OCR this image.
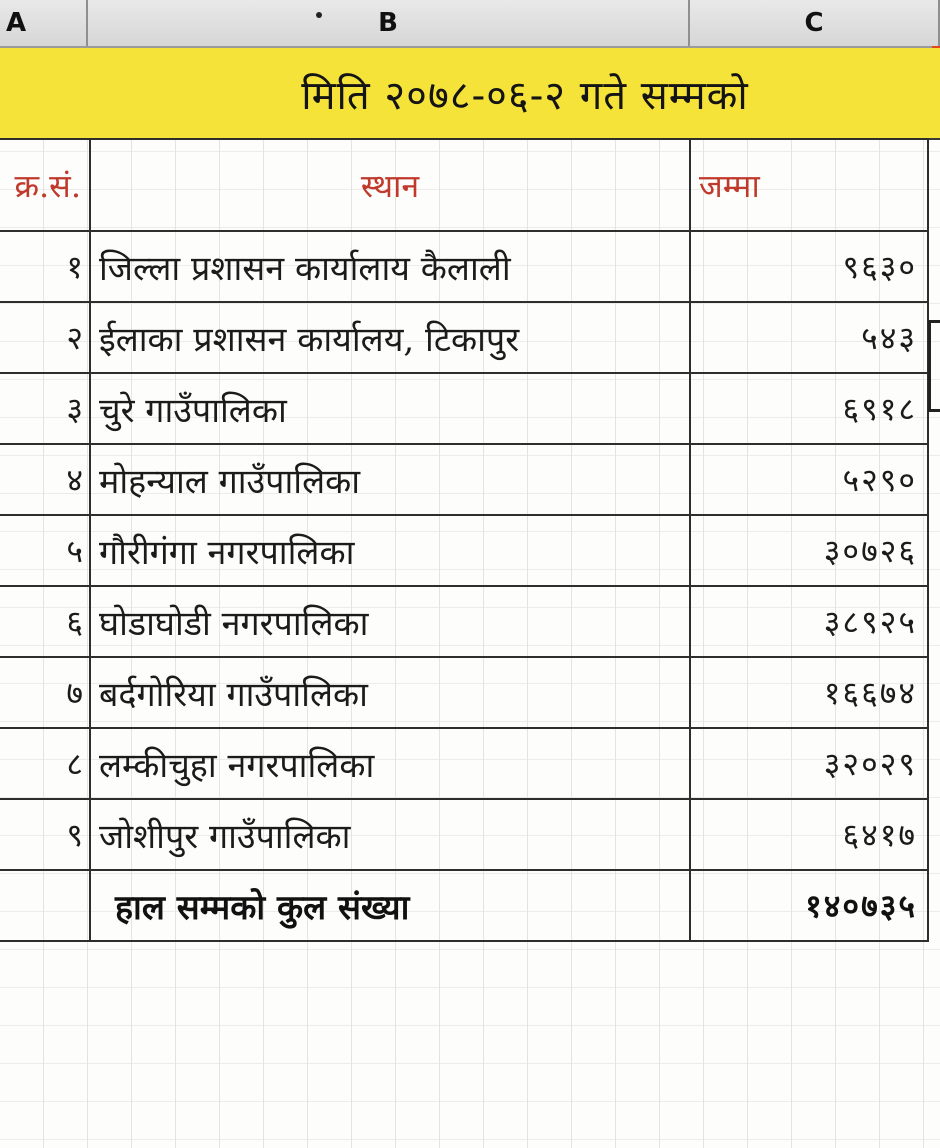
A	B	C
मिति २०७८-०६-२ गते सम्मको
क्र.सं.	स्थान	जम्मा
१	जिल्ला प्रशासन कार्यालाय कैलाली	९६३०
२	ईलाका प्रशासन कार्यालय, टिकापुर	५४३
३	चुरे गाउँपालिका	६९१८
४	मोहन्याल गाउँपालिका	५२९०
५	गौरीगंगा नगरपालिका	३०७२६
६	घोडाघोडी नगरपालिका	३८९२५
७	बर्दगोरिया गाउँपालिका	१६६७४
८	लम्कीचुहा नगरपालिका	३२०२९
९	जोशीपुर गाउँपालिका	६४१७
	हाल सम्मको कुल संख्या	१४०७३५
